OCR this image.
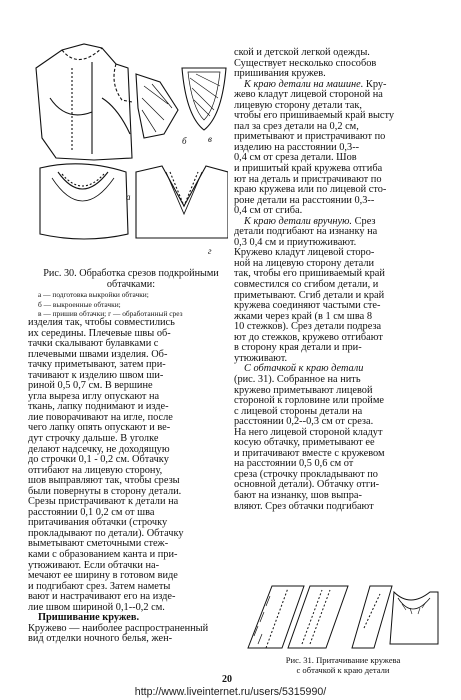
а
б в
г
Рис. 30. Обработка срезов подкройными обтачками:
а — подготовка выкройки обтачки;
б — выкроенные обтачки;
в — пришив обтачки; г — обработанный срез
изделия так, чтобы совместились
их середины. Плечевые швы об-
тачки скалывают булавками с
плечевыми швами изделия. Об-
тачку приметывают, затем при-
тачивают к изделию швом ши-
риной 0,5 0,7 см. В вершине
угла выреза иглу опускают на
ткань, лапку поднимают и изде-
лие поворачивают на игле, после
чего лапку опять опускают и ве-
дут строчку дальше. В уголке
делают надсечку, не доходящую
до строчки 0,1 - 0,2 см. Обтачку
отгибают на лицевую сторону,
шов выправляют так, чтобы срезы
были повернуты в сторону детали.
Срезы пристрачивают к детали на
расстоянии 0,1 0,2 см от шва
притачивания обтачки (строчку
прокладывают по детали). Обтачку
выметывают сметочными стеж-
ками с образованием канта и при-
утюживают. Если обтачки на-
мечают ее ширину в готовом виде
и подгибают срез. Затем наметы
вают и настрачивают его на изде-
лие швом шириной 0,1--0,2 см.
Пришивание кружев.
Кружево — наиболее распространенный
вид отделки ночного белья, жен-
ской и детской легкой одежды.
Существует несколько способов
пришивания кружев.
К краю детали на машине. Кру-
жево кладут лицевой стороной на
лицевую сторону детали так,
чтобы его пришиваемый край высту
пал за срез детали на 0,2 см,
приметывают и пристрачивают по
изделию на расстоянии 0,3--
0,4 см от среза детали. Шов
и пришитый край кружева отгиба
ют на деталь и пристрачивают по
краю кружева или по лицевой сто-
роне детали на расстоянии 0,3--
0,4 см от сгиба.
К краю детали вручную. Срез
детали подгибают на изнанку на
0,3 0,4 см и приутюживают.
Кружево кладут лицевой сторо-
ной на лицевую сторону детали
так, чтобы его пришиваемый край
совместился со сгибом детали, и
приметывают. Сгиб детали и край
кружева соединяют частыми сте-
жками через край (в 1 см шва 8
10 стежков). Срез детали подреза
ют до стежков, кружево отгибают
в сторону края детали и при-
утюживают.
С обтачкой к краю детали
(рис. 31). Собранное на нить
кружево приметывают лицевой
стороной к горловине или пройме
с лицевой стороны детали на
расстоянии 0,2--0,3 см от среза.
На него лицевой стороной кладут
косую обтачку, приметывают ее
и притачивают вместе с кружевом
на расстоянии 0,5 0,6 см от
среза (строчку прокладывают по
основной детали). Обтачку отги-
бают на изнанку, шов выпра-
вляют. Срез обтачки подгибают
Рис. 31. Притачивание кружева
с обтачкой к краю детали
20
http://www.liveinternet.ru/users/5315990/
